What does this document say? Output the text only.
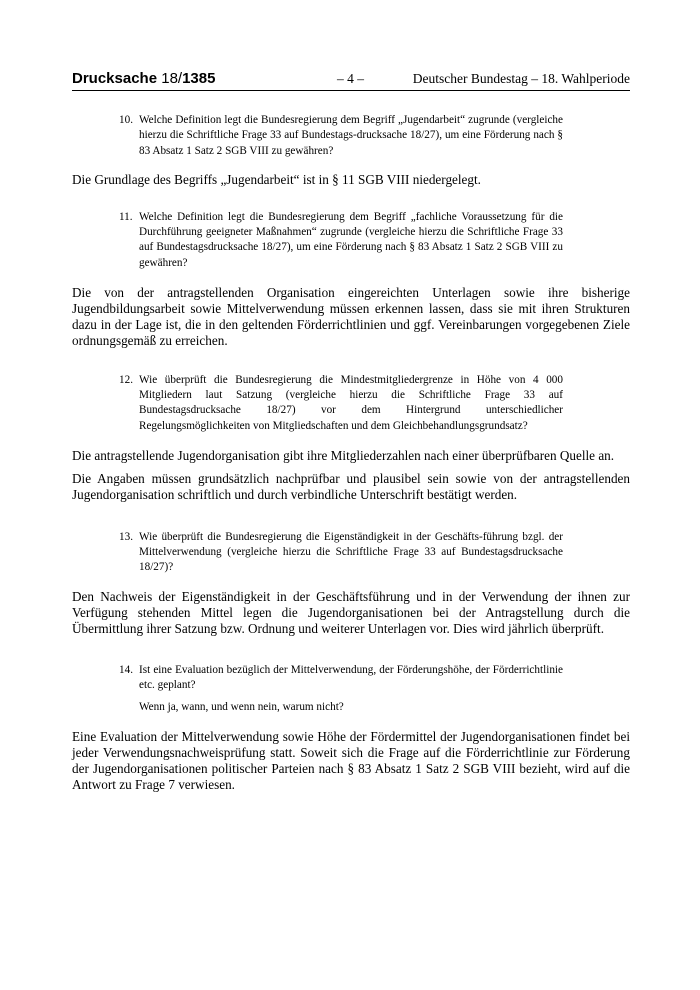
Drucksache 18/1385	– 4 –	Deutscher Bundestag – 18. Wahlperiode
10. Welche Definition legt die Bundesregierung dem Begriff „Jugendarbeit“ zugrunde (vergleiche hierzu die Schriftliche Frage 33 auf Bundestags-drucksache 18/27), um eine Förderung nach § 83 Absatz 1 Satz 2 SGB VIII zu gewähren?

Die Grundlage des Begriffs „Jugendarbeit“ ist in § 11 SGB VIII niedergelegt.

11. Welche Definition legt die Bundesregierung dem Begriff „fachliche Voraussetzung für die Durchführung geeigneter Maßnahmen“ zugrunde (vergleiche hierzu die Schriftliche Frage 33 auf Bundestagsdrucksache 18/27), um eine Förderung nach § 83 Absatz 1 Satz 2 SGB VIII zu gewähren?

Die von der antragstellenden Organisation eingereichten Unterlagen sowie ihre bisherige Jugendbildungsarbeit sowie Mittelverwendung müssen erkennen lassen, dass sie mit ihren Strukturen dazu in der Lage ist, die in den geltenden Förderrichtlinien und ggf. Vereinbarungen vorgegebenen Ziele ordnungsgemäß zu erreichen.

12. Wie überprüft die Bundesregierung die Mindestmitgliedergrenze in Höhe von 4 000 Mitgliedern laut Satzung (vergleiche hierzu die Schriftliche Frage 33 auf Bundestagsdrucksache 18/27) vor dem Hintergrund unterschiedlicher Regelungsmöglichkeiten von Mitgliedschaften und dem Gleichbehandlungsgrundsatz?

Die antragstellende Jugendorganisation gibt ihre Mitgliederzahlen nach einer überprüfbaren Quelle an.

Die Angaben müssen grundsätzlich nachprüfbar und plausibel sein sowie von der antragstellenden Jugendorganisation schriftlich und durch verbindliche Unterschrift bestätigt werden.

13. Wie überprüft die Bundesregierung die Eigenständigkeit in der Geschäfts-führung bzgl. der Mittelverwendung (vergleiche hierzu die Schriftliche Frage 33 auf Bundestagsdrucksache 18/27)?

Den Nachweis der Eigenständigkeit in der Geschäftsführung und in der Verwendung der ihnen zur Verfügung stehenden Mittel legen die Jugendorganisationen bei der Antragstellung durch die Übermittlung ihrer Satzung bzw. Ordnung und weiterer Unterlagen vor. Dies wird jährlich überprüft.

14. Ist eine Evaluation bezüglich der Mittelverwendung, der Förderungshöhe, der Förderrichtlinie etc. geplant?

Wenn ja, wann, und wenn nein, warum nicht?

Eine Evaluation der Mittelverwendung sowie Höhe der Fördermittel der Jugendorganisationen findet bei jeder Verwendungsnachweisprüfung statt. Soweit sich die Frage auf die Förderrichtlinie zur Förderung der Jugendorganisationen politischer Parteien nach § 83 Absatz 1 Satz 2 SGB VIII bezieht, wird auf die Antwort zu Frage 7 verwiesen.
